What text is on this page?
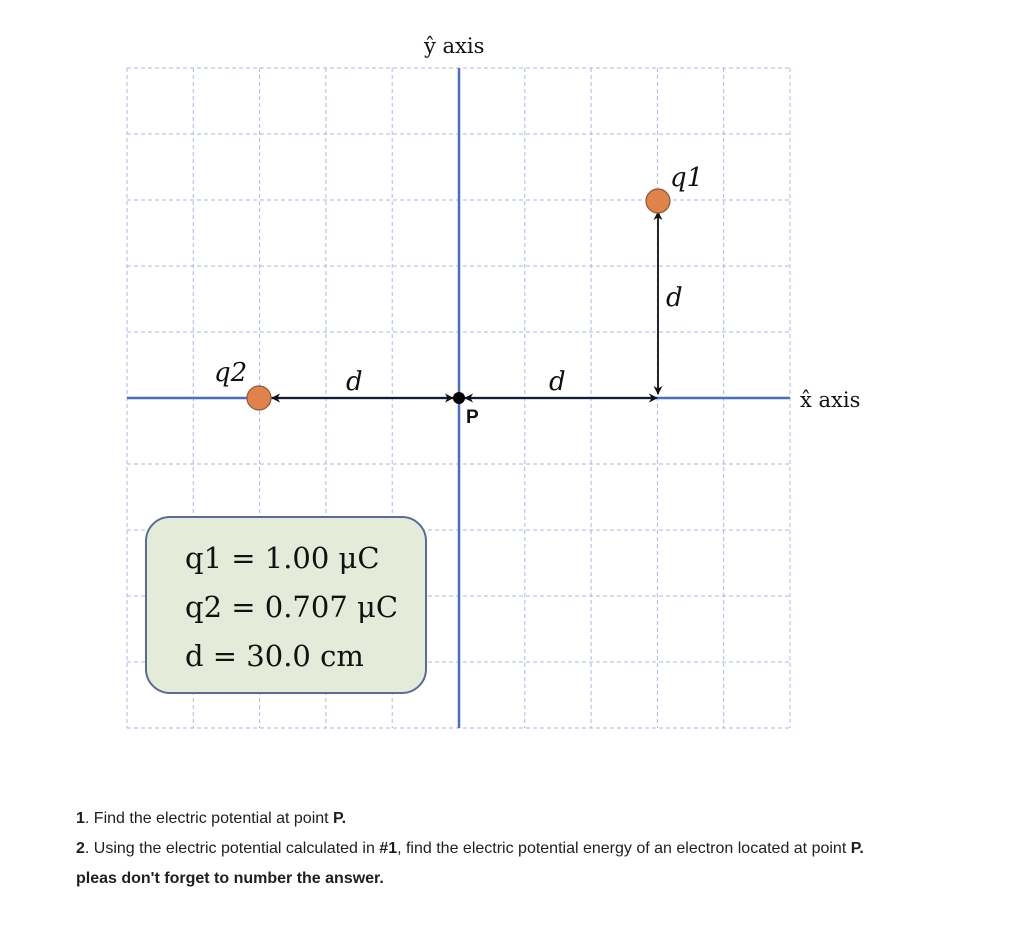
P
ŷ axis
x̂ axis
q1
q2	d	d
d
q1 = 1.00 μC
q2 = 0.707 μC
d = 30.0 cm

1. Find the electric potential at point P.

2. Using the electric potential calculated in #1, find the electric potential energy of an electron located at point P.

pleas don't forget to number the answer.
